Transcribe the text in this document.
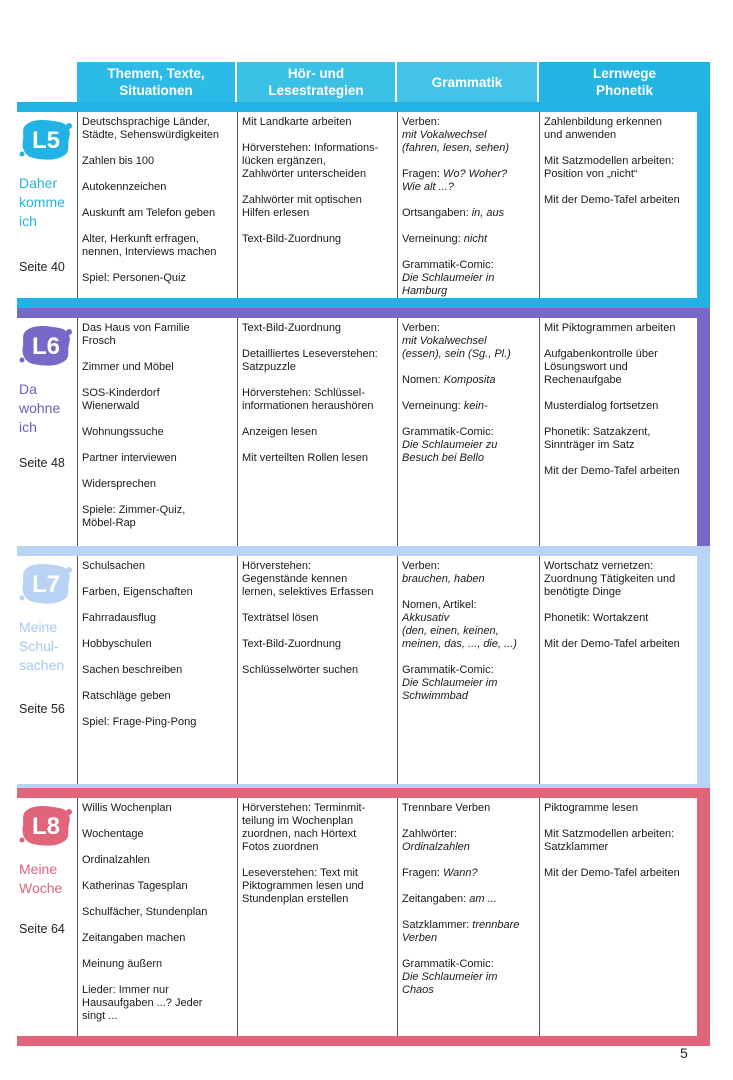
Themen, Texte,
Situationen
Hör- und
Lesestrategien
Grammatik
Lernwege
Phonetik
L5
Daher
komme
ich
Seite 40
Deutschsprachige Länder,
Städte, Sehenswürdigkeiten
Zahlen bis 100
Autokennzeichen
Auskunft am Telefon geben
Alter, Herkunft erfragen,
nennen, Interviews machen
Spiel: Personen-Quiz
Mit Landkarte arbeiten
Hörverstehen: Informations-
lücken ergänzen,
Zahlwörter unterscheiden
Zahlwörter mit optischen
Hilfen erlesen
Text-Bild-Zuordnung
Verben:
mit Vokalwechsel
(fahren, lesen, sehen)
Fragen: Wo? Woher?
Wie alt ...?
Ortsangaben: in, aus
Verneinung: nicht
Grammatik-Comic:
Die Schlaumeier in
Hamburg
Zahlenbildung erkennen
und anwenden
Mit Satzmodellen arbeiten:
Position von „nicht“
Mit der Demo-Tafel arbeiten
L6
Da
wohne
ich
Seite 48
Das Haus von Familie
Frosch
Zimmer und Möbel
SOS-Kinderdorf
Wienerwald
Wohnungssuche
Partner interviewen
Widersprechen
Spiele: Zimmer-Quiz,
Möbel-Rap
Text-Bild-Zuordnung
Detailliertes Leseverstehen:
Satzpuzzle
Hörverstehen: Schlüssel-
informationen heraushören
Anzeigen lesen
Mit verteilten Rollen lesen
Verben:
mit Vokalwechsel
(essen), sein (Sg., Pl.)
Nomen: Komposita
Verneinung: kein-
Grammatik-Comic:
Die Schlaumeier zu
Besuch bei Bello
Mit Piktogrammen arbeiten
Aufgabenkontrolle über
Lösungswort und
Rechenaufgabe
Musterdialog fortsetzen
Phonetik: Satzakzent,
Sinnträger im Satz
Mit der Demo-Tafel arbeiten
L7
Meine
Schul-
sachen
Seite 56
Schulsachen
Farben, Eigenschaften
Fahrradausflug
Hobbyschulen
Sachen beschreiben
Ratschläge geben
Spiel: Frage-Ping-Pong
Hörverstehen:
Gegenstände kennen
lernen, selektives Erfassen
Texträtsel lösen
Text-Bild-Zuordnung
Schlüsselwörter suchen
Verben:
brauchen, haben
Nomen, Artikel:
Akkusativ
(den, einen, keinen,
meinen, das, ..., die, ...)
Grammatik-Comic:
Die Schlaumeier im
Schwimmbad
Wortschatz vernetzen:
Zuordnung Tätigkeiten und
benötigte Dinge
Phonetik: Wortakzent
Mit der Demo-Tafel arbeiten
L8
Meine
Woche
Seite 64
Willis Wochenplan
Wochentage
Ordinalzahlen
Katherinas Tagesplan
Schulfächer, Stundenplan
Zeitangaben machen
Meinung äußern
Lieder: Immer nur
Hausaufgaben ...? Jeder
singt ...
Hörverstehen: Terminmit-
teilung im Wochenplan
zuordnen, nach Hörtext
Fotos zuordnen
Leseverstehen: Text mit
Piktogrammen lesen und
Stundenplan erstellen
Trennbare Verben
Zahlwörter:
Ordinalzahlen
Fragen: Wann?
Zeitangaben: am ...
Satzklammer: trennbare
Verben
Grammatik-Comic:
Die Schlaumeier im
Chaos
Piktogramme lesen
Mit Satzmodellen arbeiten:
Satzklammer
Mit der Demo-Tafel arbeiten
5
